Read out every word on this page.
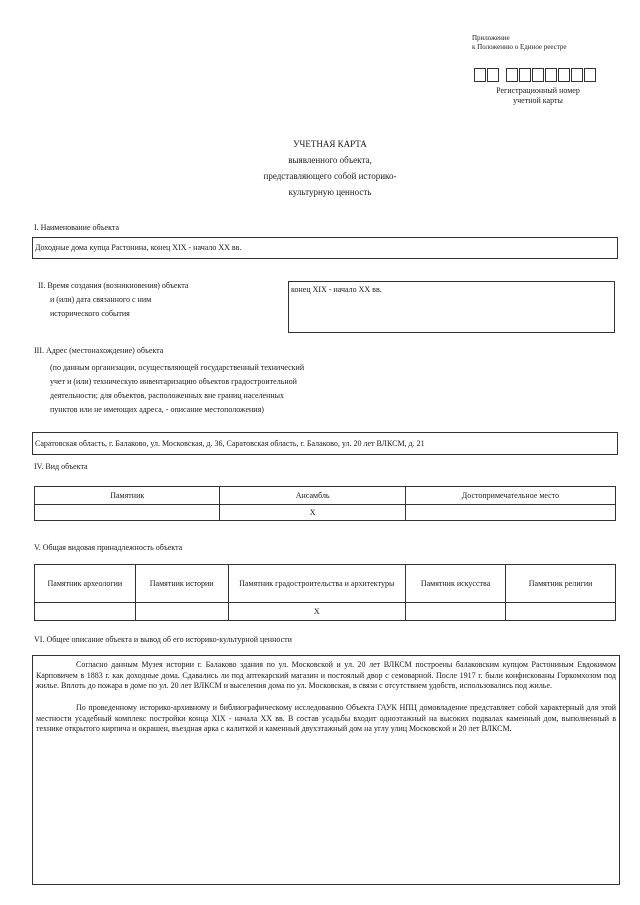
Приложение
к Положению о Единое реестре
Регистрационный номер
учетной карты
УЧЕТНАЯ КАРТА
выявленного объекта,
представляющего собой историко-
культурную ценность
I. Наименование объекта
Доходные дома купца Растонина, конец XIX - начало XX вв.
II. Время создания (возникновения) объекта
и (или) дата связанного с ним
исторического события
конец XIX - начало XX вв.
III. Адрес (местонахождение) объекта
(по данным организации, осуществляющей государственный технический
учет и (или) техническую инвентаризацию объектов градостроительной
деятельности; для объектов, расположенных вне границ населенных
пунктов или не имеющих адреса, - описание местоположения)
Саратовская область, г. Балаково, ул. Московская, д. 36, Саратовская область, г. Балаково, ул. 20 лет ВЛКСМ, д. 21
IV. Вид объекта
Памятник	Ансамбль	Достопримечательное место
	X	
V. Общая видовая принадлежность объекта
Памятник археологии	Памятник истории	Памятник градостроительства и архитектуры	Памятник искусства	Памятник религии
		X		
VI. Общее описание объекта и вывод об его историко-культурной ценности
Согласно данным Музея истории г. Балаково здания по ул. Московской и ул. 20 лет ВЛКСМ построены балаковским купцом Растониным Евдокимом Карповичем в 1883 г. как доходные дома. Сдавались ли под аптекарский магазин и постоялый двор с семоварной. После 1917 г. были конфискованы Горкомхозом под жилье. Вплоть до пожара в доме по ул. 20 лет ВЛКСМ и выселения дома по ул. Московская, в связи с отсутствием удобств, использовались под жилье.
По проведенному историко-архивному и библиографическому исследованию Объекта ГАУК НПЦ домовладение представляет собой характерный для этой местности усадебный комплекс постройки конца XIX - начала XX вв. В состав усадьбы входит одноэтажный на высоких подвалах каменный дом, выполненный в технике открытого кирпича и окрашен, въездная арка с калиткой и каменный двухэтажный дом на углу улиц Московской и 20 лет ВЛКСМ.
